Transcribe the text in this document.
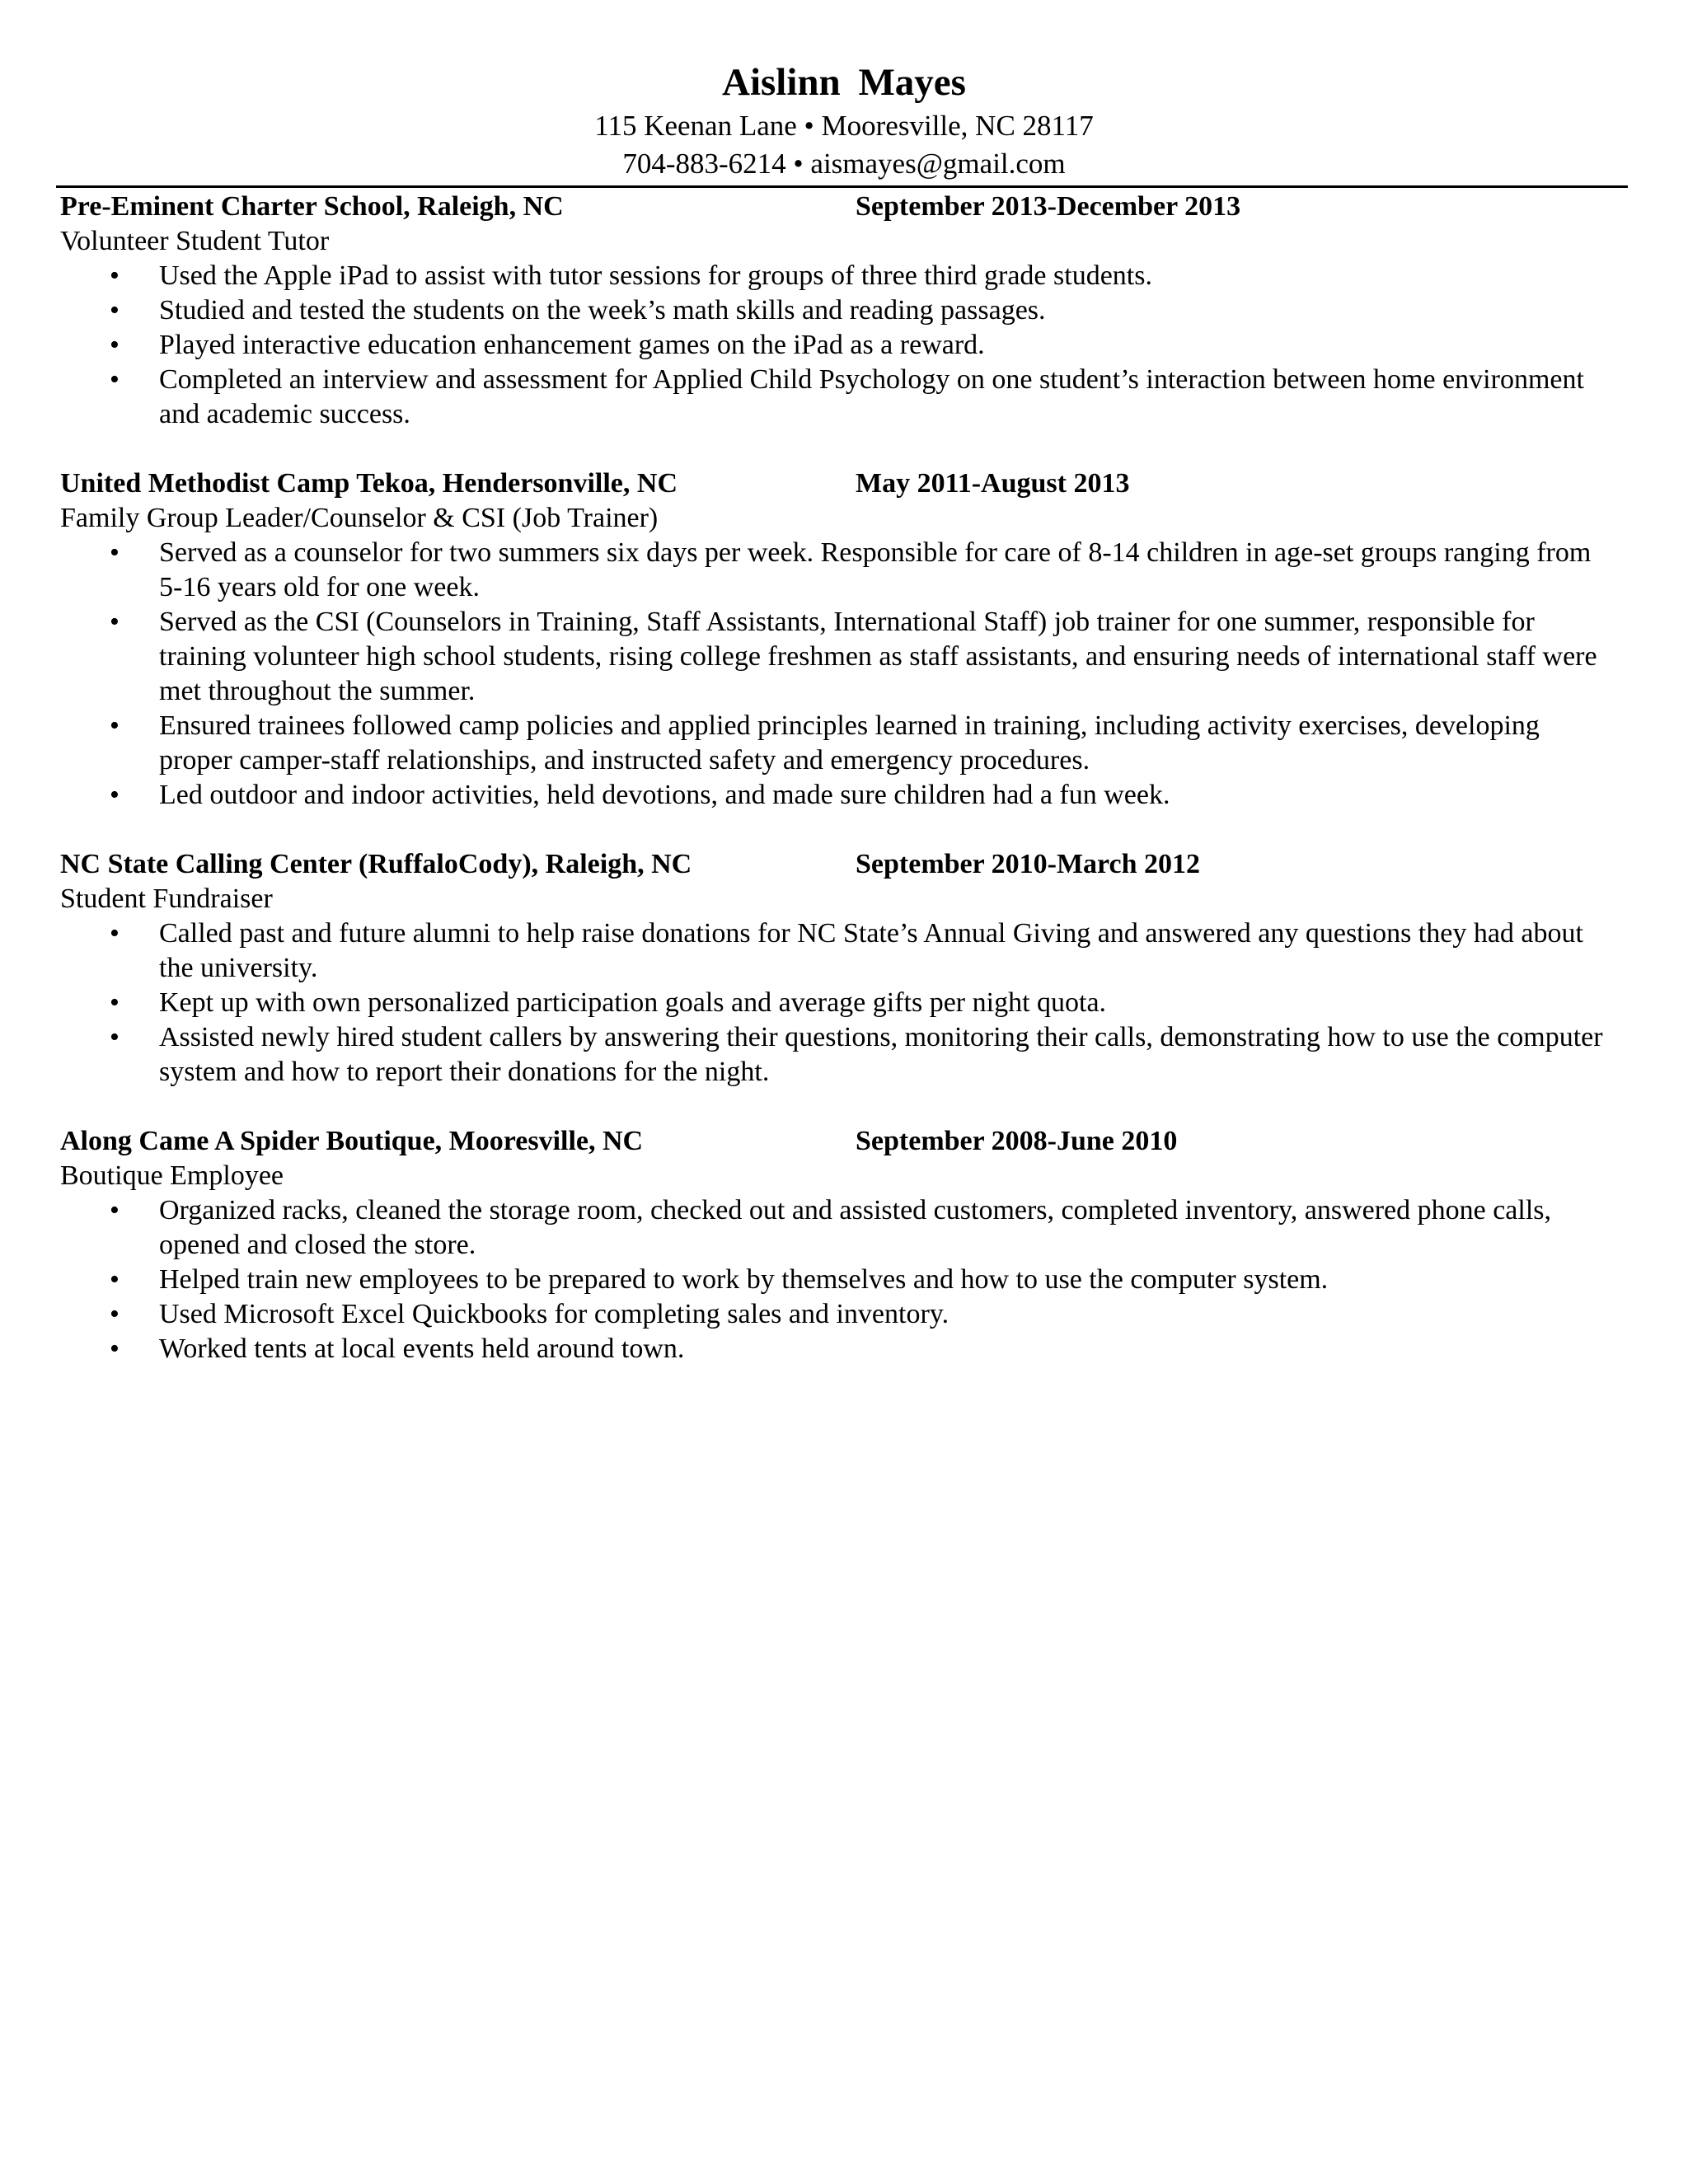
Aislinn Mayes
115 Keenan Lane • Mooresville, NC 28117
704-883-6214 • aismayes@gmail.com
Pre-Eminent Charter School, Raleigh, NC	September 2013-December 2013
Volunteer Student Tutor
• Used the Apple iPad to assist with tutor sessions for groups of three third grade students.
• Studied and tested the students on the week’s math skills and reading passages.
• Played interactive education enhancement games on the iPad as a reward.
• Completed an interview and assessment for Applied Child Psychology on one student’s interaction between home environment and academic success.
United Methodist Camp Tekoa, Hendersonville, NC	May 2011-August 2013
Family Group Leader/Counselor & CSI (Job Trainer)
• Served as a counselor for two summers six days per week. Responsible for care of 8-14 children in age-set groups ranging from 5-16 years old for one week.
• Served as the CSI (Counselors in Training, Staff Assistants, International Staff) job trainer for one summer, responsible for training volunteer high school students, rising college freshmen as staff assistants, and ensuring needs of international staff were met throughout the summer.
• Ensured trainees followed camp policies and applied principles learned in training, including activity exercises, developing proper camper-staff relationships, and instructed safety and emergency procedures.
• Led outdoor and indoor activities, held devotions, and made sure children had a fun week.
NC State Calling Center (RuffaloCody), Raleigh, NC	September 2010-March 2012
Student Fundraiser
• Called past and future alumni to help raise donations for NC State’s Annual Giving and answered any questions they had about the university.
• Kept up with own personalized participation goals and average gifts per night quota.
• Assisted newly hired student callers by answering their questions, monitoring their calls, demonstrating how to use the computer system and how to report their donations for the night.
Along Came A Spider Boutique, Mooresville, NC	September 2008-June 2010
Boutique Employee
• Organized racks, cleaned the storage room, checked out and assisted customers, completed inventory, answered phone calls, opened and closed the store.
• Helped train new employees to be prepared to work by themselves and how to use the computer system.
• Used Microsoft Excel Quickbooks for completing sales and inventory.
• Worked tents at local events held around town.
